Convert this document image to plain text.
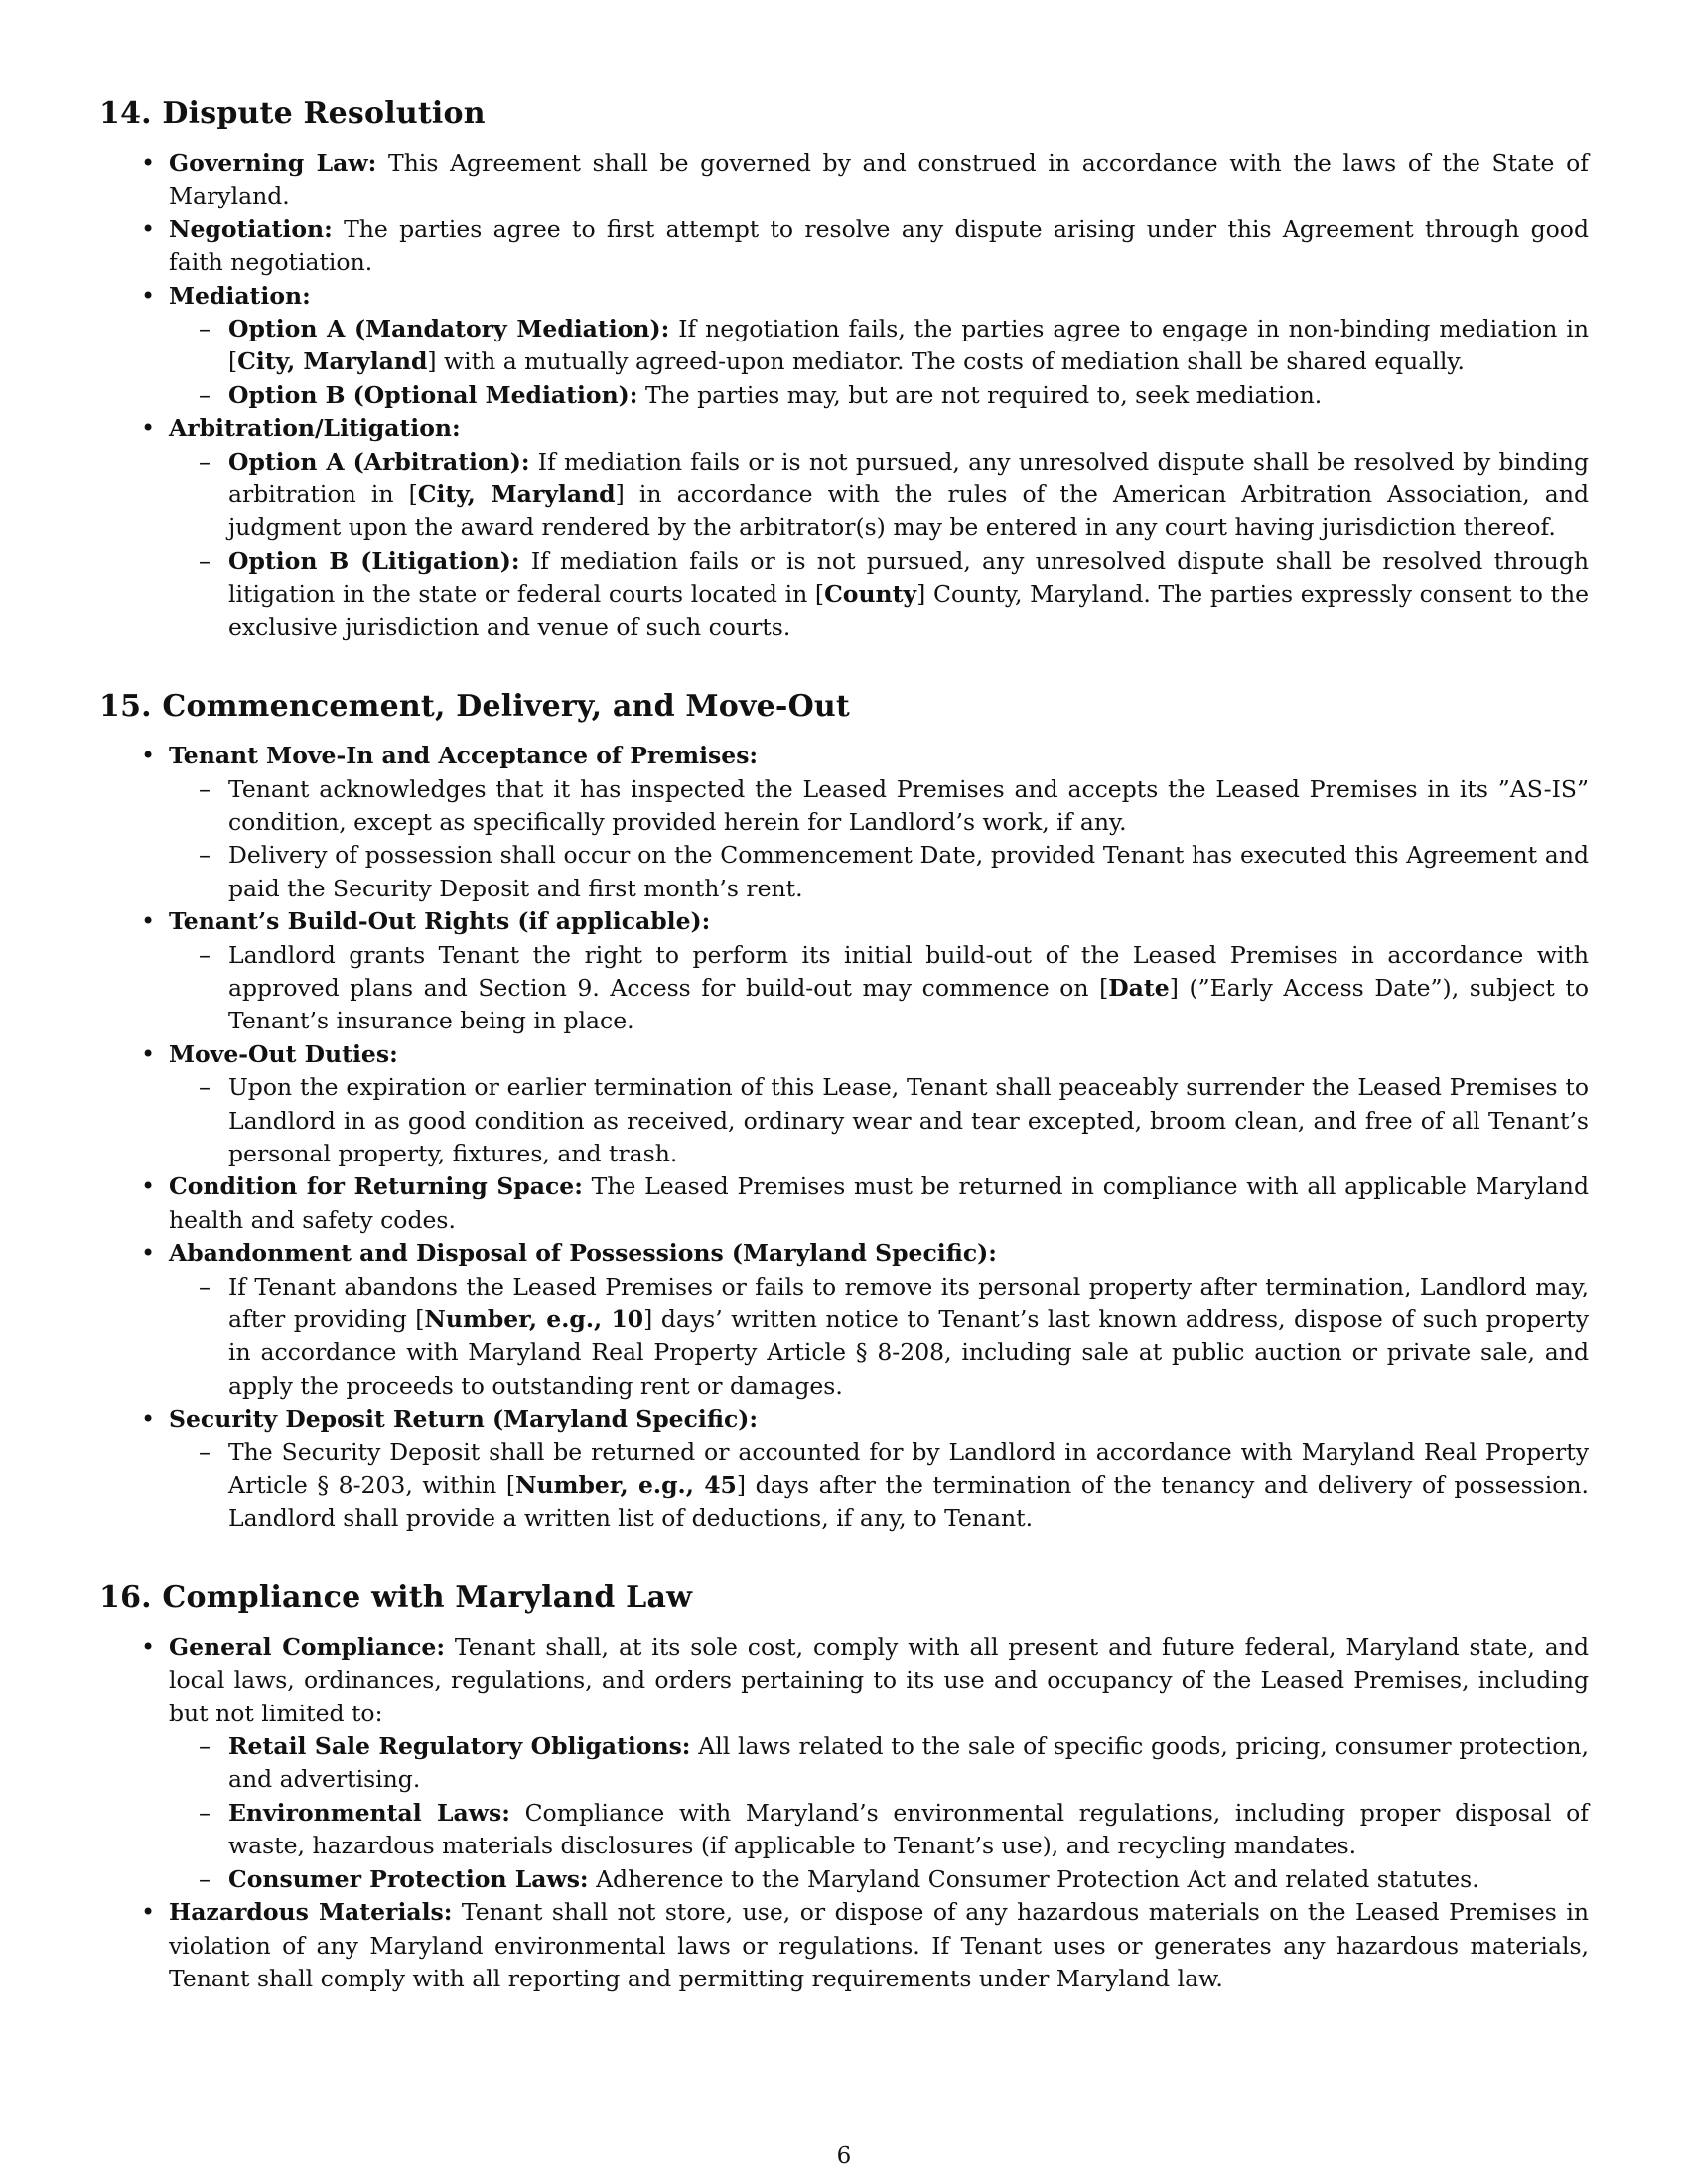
14. Dispute Resolution
• Governing Law: This Agreement shall be governed by and construed in accordance with the laws of the State of Maryland.
• Negotiation: The parties agree to first attempt to resolve any dispute arising under this Agreement through good faith negotiation.
• Mediation:
– Option A (Mandatory Mediation): If negotiation fails, the parties agree to engage in non-binding mediation in [City, Maryland] with a mutually agreed-upon mediator. The costs of mediation shall be shared equally.
– Option B (Optional Mediation): The parties may, but are not required to, seek mediation.
• Arbitration/Litigation:
– Option A (Arbitration): If mediation fails or is not pursued, any unresolved dispute shall be resolved by binding arbitration in [City, Maryland] in accordance with the rules of the American Arbitration Association, and judgment upon the award rendered by the arbitrator(s) may be entered in any court having jurisdiction thereof.
– Option B (Litigation): If mediation fails or is not pursued, any unresolved dispute shall be resolved through litigation in the state or federal courts located in [County] County, Maryland. The parties expressly consent to the exclusive jurisdiction and venue of such courts.
15. Commencement, Delivery, and Move-Out
• Tenant Move-In and Acceptance of Premises:
– Tenant acknowledges that it has inspected the Leased Premises and accepts the Leased Premises in its ”AS-IS” condition, except as specifically provided herein for Landlord’s work, if any.
– Delivery of possession shall occur on the Commencement Date, provided Tenant has executed this Agreement and paid the Security Deposit and first month’s rent.
• Tenant’s Build-Out Rights (if applicable):
– Landlord grants Tenant the right to perform its initial build-out of the Leased Premises in accordance with approved plans and Section 9. Access for build-out may commence on [Date] (”Early Access Date”), subject to Tenant’s insurance being in place.
• Move-Out Duties:
– Upon the expiration or earlier termination of this Lease, Tenant shall peaceably surrender the Leased Premises to Landlord in as good condition as received, ordinary wear and tear excepted, broom clean, and free of all Tenant’s personal property, fixtures, and trash.
• Condition for Returning Space: The Leased Premises must be returned in compliance with all applicable Maryland health and safety codes.
• Abandonment and Disposal of Possessions (Maryland Specific):
– If Tenant abandons the Leased Premises or fails to remove its personal property after termination, Landlord may, after providing [Number, e.g., 10] days’ written notice to Tenant’s last known address, dispose of such property in accordance with Maryland Real Property Article § 8-208, including sale at public auction or private sale, and apply the proceeds to outstanding rent or damages.
• Security Deposit Return (Maryland Specific):
– The Security Deposit shall be returned or accounted for by Landlord in accordance with Maryland Real Property Article § 8-203, within [Number, e.g., 45] days after the termination of the tenancy and delivery of possession. Landlord shall provide a written list of deductions, if any, to Tenant.
16. Compliance with Maryland Law
• General Compliance: Tenant shall, at its sole cost, comply with all present and future federal, Maryland state, and local laws, ordinances, regulations, and orders pertaining to its use and occupancy of the Leased Premises, including but not limited to:
– Retail Sale Regulatory Obligations: All laws related to the sale of specific goods, pricing, consumer protection, and advertising.
– Environmental Laws: Compliance with Maryland’s environmental regulations, including proper disposal of waste, hazardous materials disclosures (if applicable to Tenant’s use), and recycling mandates.
– Consumer Protection Laws: Adherence to the Maryland Consumer Protection Act and related statutes.
• Hazardous Materials: Tenant shall not store, use, or dispose of any hazardous materials on the Leased Premises in violation of any Maryland environmental laws or regulations. If Tenant uses or generates any hazardous materials, Tenant shall comply with all reporting and permitting requirements under Maryland law.
6
